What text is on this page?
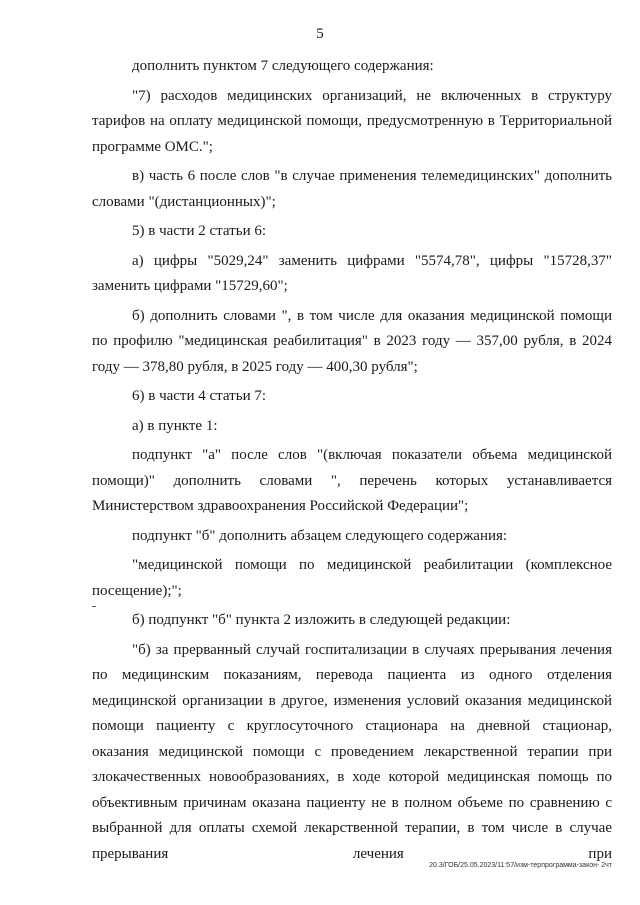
5

дополнить пунктом 7 следующего содержания:

"7) расходов медицинских организаций, не включенных в структуру тарифов на оплату медицинской помощи, предусмотренную в Территориальной программе ОМС.";

в) часть 6 после слов "в случае применения телемедицинских" дополнить словами "(дистанционных)";

5) в части 2 статьи 6:

а) цифры "5029,24" заменить цифрами "5574,78", цифры "15728,37" заменить цифрами "15729,60";

б) дополнить словами ", в том числе для оказания медицинской помощи по профилю "медицинская реабилитация" в 2023 году — 357,00 рубля, в 2024 году — 378,80 рубля, в 2025 году — 400,30 рубля";

6) в части 4 статьи 7:

а) в пункте 1:

подпункт "а" после слов "(включая показатели объема медицинской помощи)" дополнить словами ", перечень которых устанавливается Министерством здравоохранения Российской Федерации";

подпункт "б" дополнить абзацем следующего содержания:

"медицинской помощи по медицинской реабилитации (комплексное посещение);";

б) подпункт "б" пункта 2 изложить в следующей редакции:

"б) за прерванный случай госпитализации в случаях прерывания лечения по медицинским показаниям, перевода пациента из одного отделения медицинской организации в другое, изменения условий оказания медицинской помощи пациенту с круглосуточного стационара на дневной стационар, оказания медицинской помощи с проведением лекарственной терапии при злокачественных новообразованиях, в ходе которой медицинская помощь по объективным причинам оказана пациенту не в полном объеме по сравнению с выбранной для оплаты схемой лекарственной терапии, в том числе в случае прерывания лечения при

20.3/ГОБ/25.05.2023/11:57/изм-терпрограмма-закон- 2чт
